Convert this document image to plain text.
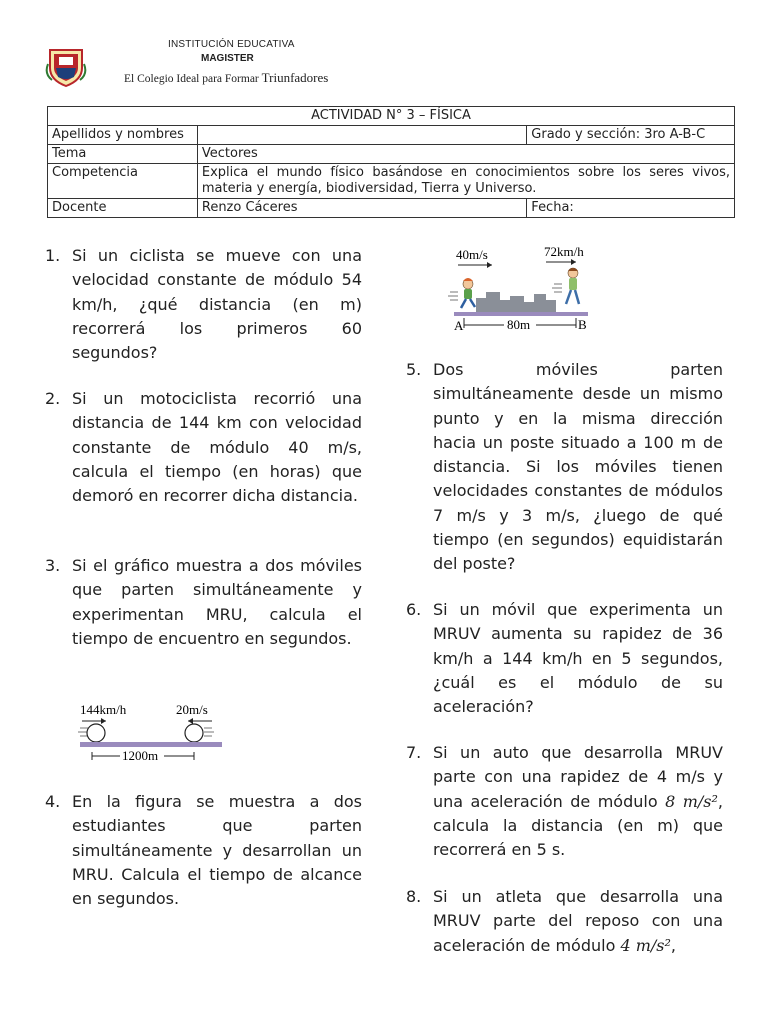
INSTITUCIÓN EDUCATIVA
MAGISTER
El Colegio Ideal para Formar Triunfadores
ACTIVIDAD N° 3 – FÍSICA		
Apellidos y nombres		Grado y sección: 3ro A-B-C
Tema	Vectores	
Competencia	Explica el mundo físico basándose en conocimientos sobre los seres vivos, materia y energía, biodiversidad, Tierra y Universo.	
Docente	Renzo Cáceres	Fecha:
1. Si un ciclista se mueve con una velocidad constante de módulo 54 km/h, ¿qué distancia (en m) recorrerá los primeros 60 segundos?
2. Si un motociclista recorrió una distancia de 144 km con velocidad constante de módulo 40 m/s, calcula el tiempo (en horas) que demoró en recorrer dicha distancia.
3. Si el gráfico muestra a dos móviles que parten simultáneamente y experimentan MRU, calcula el tiempo de encuentro en segundos.
144km/h	20m/s
1200m
4. En la figura se muestra a dos estudiantes que parten simultáneamente y desarrollan un MRU. Calcula el tiempo de alcance en segundos.
40m/s	72km/h
A	80m	B
5. Dos móviles parten simultáneamente desde un mismo punto y en la misma dirección hacia un poste situado a 100 m de distancia. Si los móviles tienen velocidades constantes de módulos 7 m/s y 3 m/s, ¿luego de qué tiempo (en segundos) equidistarán del poste?
6. Si un móvil que experimenta un MRUV aumenta su rapidez de 36 km/h a 144 km/h en 5 segundos, ¿cuál es el módulo de su aceleración?
7. Si un auto que desarrolla MRUV parte con una rapidez de 4 m/s y una aceleración de módulo 8 m/s², calcula la distancia (en m) que recorrerá en 5 s.
8. Si un atleta que desarrolla una MRUV parte del reposo con una aceleración de módulo 4 m/s²,
